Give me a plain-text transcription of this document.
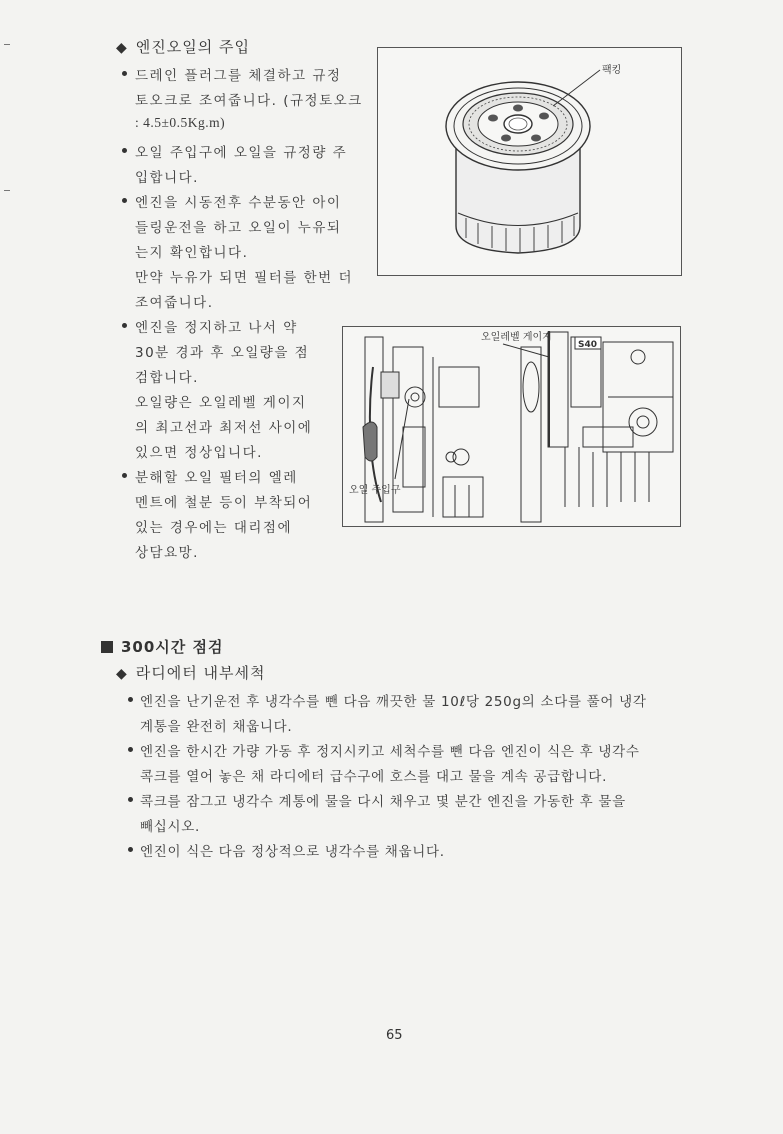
◆ 엔진오일의 주입
드레인 플러그를 체결하고 규정
토오크로 조여줍니다. (규정토오크
: 4.5±0.5Kg.m)
오일 주입구에 오일을 규정량 주
입합니다.
엔진을 시동전후 수분동안 아이
들링운전을 하고 오일이 누유되
는지 확인합니다.
만약 누유가 되면 필터를 한번 더
조여줍니다.
엔진을 정지하고 나서 약
30분 경과 후 오일량을 점
검합니다.
오일량은 오일레벨 게이지
의 최고선과 최저선 사이에
있으면 정상입니다.
분해할 오일 필터의 엘레
멘트에 철분 등이 부착되어
있는 경우에는 대리점에
상담요망.
팩킹
S40
오일레벨 게이지
오일 주입구
300시간 점검
◆ 라디에터 내부세척
엔진을 난기운전 후 냉각수를 뺀 다음 깨끗한 물 10ℓ당 250g의 소다를 풀어 냉각
계통을 완전히 채웁니다.
엔진을 한시간 가량 가동 후 정지시키고 세척수를 뺀 다음 엔진이 식은 후 냉각수
콕크를 열어 놓은 채 라디에터 급수구에 호스를 대고 물을 계속 공급합니다.
콕크를 잠그고 냉각수 계통에 물을 다시 채우고 몇 분간 엔진을 가동한 후 물을
빼십시오.
엔진이 식은 다음 정상적으로 냉각수를 채웁니다.
65
